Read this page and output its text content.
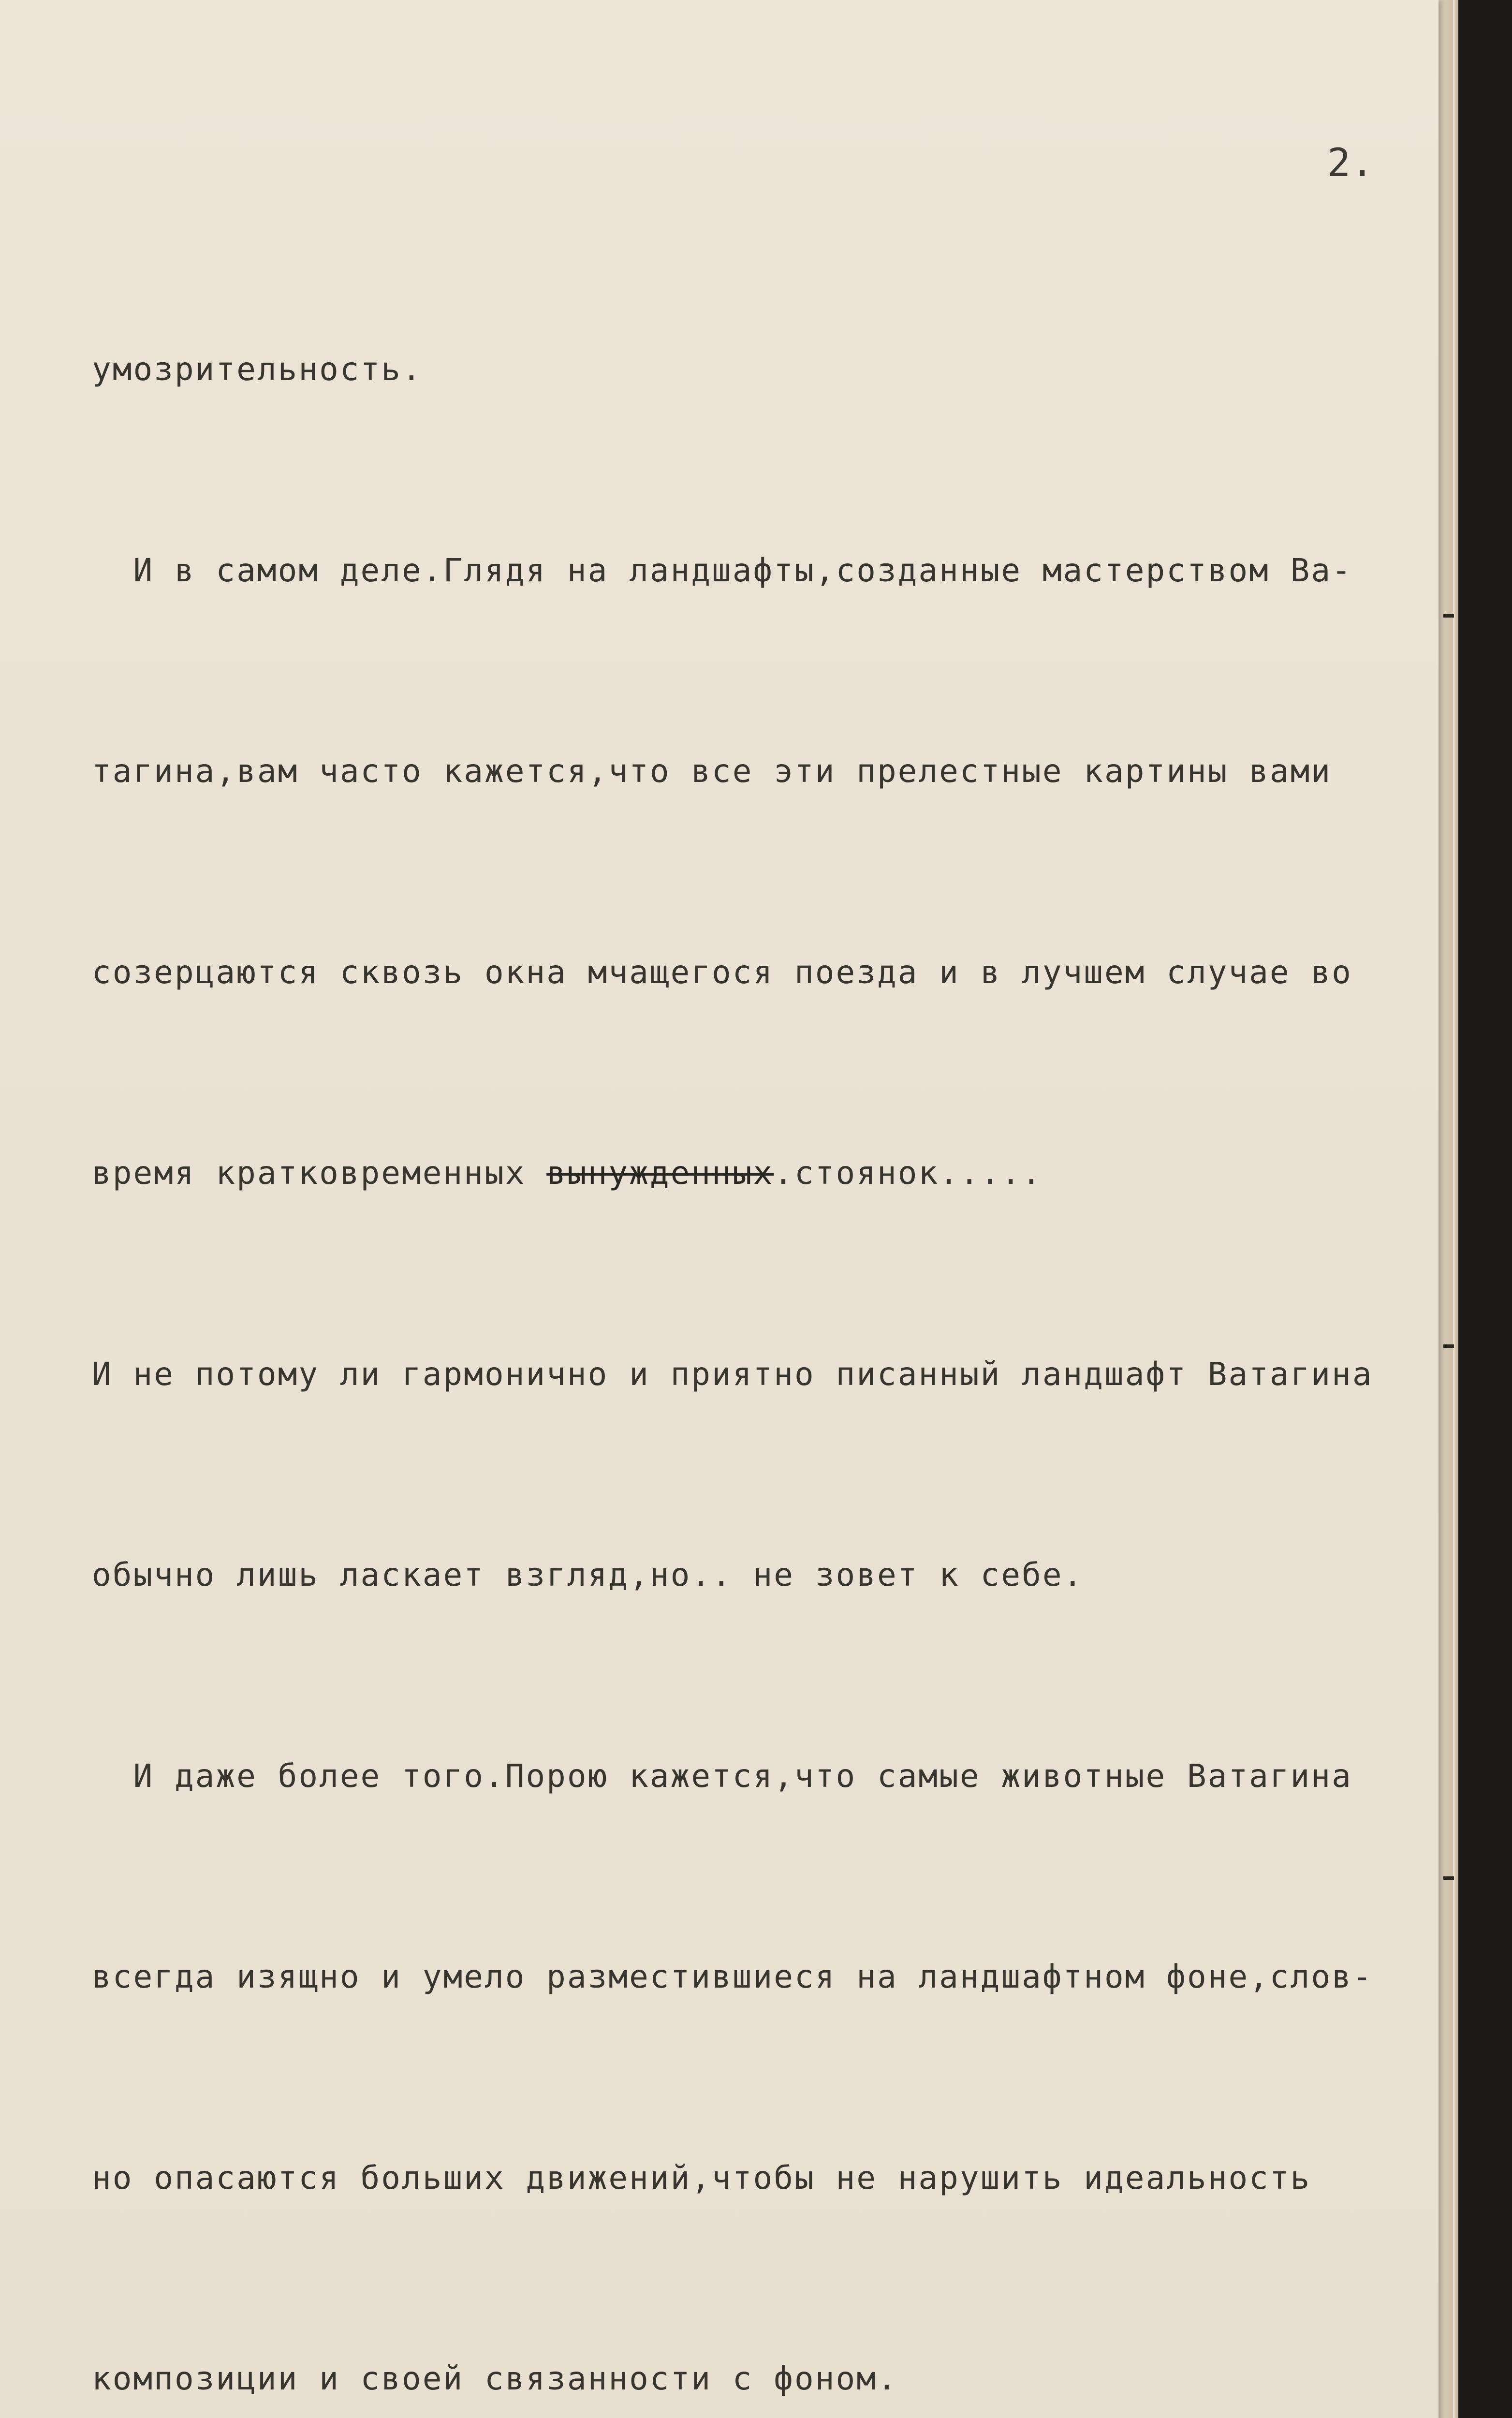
2.

умозрительность.

И в самом деле.Глядя на ландшафты,созданные мастерством Ва-

тагина,вам часто кажется,что все эти прелестные картины вами

созерцаются сквозь окна мчащегося поезда и в лучшем случае во

время кратковременных вынужденных.стоянок.....

И не потому ли гармонично и приятно писанный ландшафт Ватагина

обычно лишь ласкает взгляд,но.. не зовет к себе.

И даже более того.Порою кажется,что самые животные Ватагина

всегда изящно и умело разместившиеся на ландшафтном фоне,слов-

но опасаются больших движений,чтобы не нарушить идеальность

композиции и своей связанности с фоном.
